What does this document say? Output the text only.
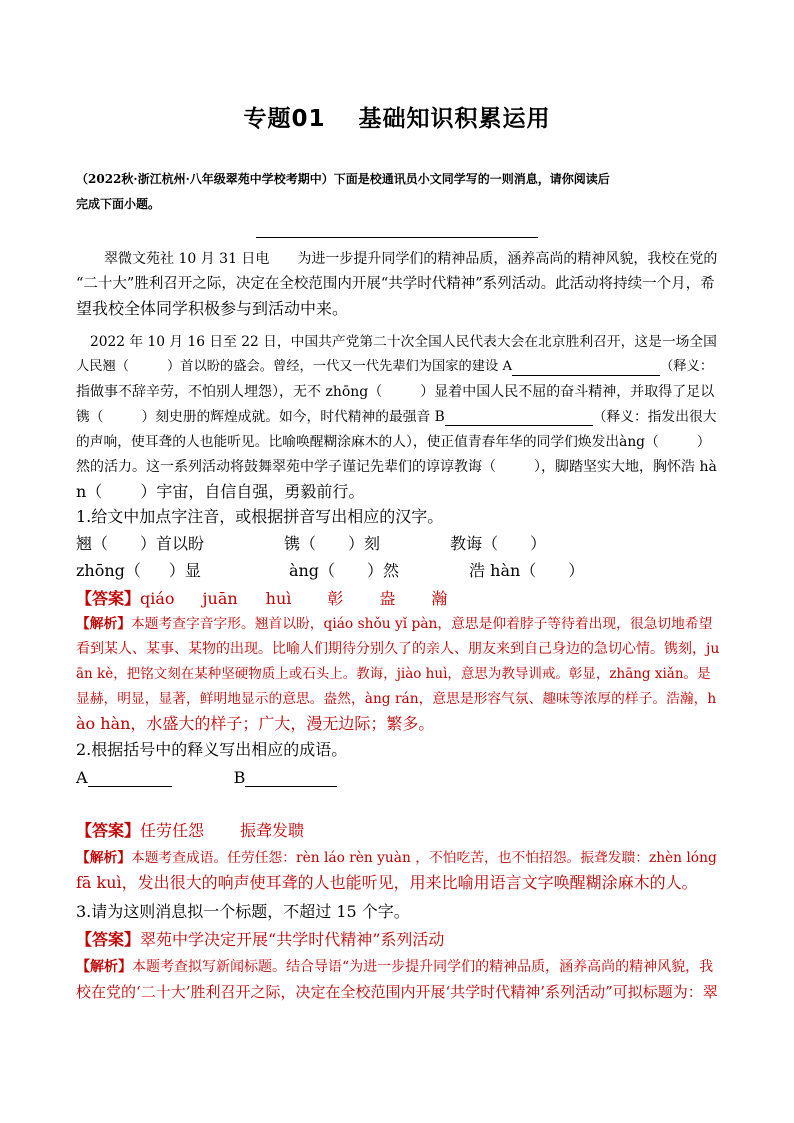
专题01　 基础知识积累运用
（2022秋·浙江杭州·八年级翠苑中学校考期中）下面是校通讯员小文同学写的一则消息，请你阅读后
完成下面小题。
翠微文苑社 10 月 31 日电 为进一步提升同学们的精神品质，涵养高尚的精神风貌，我校在党的
“二十大”胜利召开之际，决定在全校范围内开展“共学时代精神”系列活动。此活动将持续一个月，希
望我校全体同学积极参与到活动中来。
2022 年 10 月 16 日至 22 日，中国共产党第二十次全国人民代表大会在北京胜利召开，这是一场全国
人民翘（	）首以盼的盛会。曾经，一代又一代先辈们为国家的建设 A	（释义：
指做事不辞辛劳，不怕别人埋怨），无不 zhōng（	）显着中国人民不屈的奋斗精神，并取得了足以
镌（	）刻史册的辉煌成就。如今，时代精神的最强音 B	（释义：指发出很大
的声响，使耳聋的人也能听见。比喻唤醒糊涂麻木的人），使正值青春年华的同学们焕发出àng（	）
然的活力。这一系列活动将鼓舞翠苑中学子谨记先辈们的谆谆教诲（	），脚踏坚实大地，胸怀浩 hà
n（ ）宇宙，自信自强，勇毅前行。
1.给文中加点字注音，或根据拼音写出相应的汉字。
翘（ ）首以盼	镌（ ）刻	教诲（ ）
zhōng（ ）显	àng（ ）然	浩 hàn（ ）
【答案】qiáo juān huì 彰 盎 瀚
【解析】本题考查字音字形。翘首以盼，qiáo shǒu yǐ pàn，意思是仰着脖子等待着出现，很急切地希望
看到某人、某事、某物的出现。比喻人们期待分别久了的亲人、朋友来到自己身边的急切心情。镌刻，ju
ān kè，把铭文刻在某种坚硬物质上或石头上。教诲，jiào huì，意思为教导训戒。彰显，zhāng xiǎn。是
显赫，明显，显著，鲜明地显示的意思。盎然，àng rán，意思是形容气氛、趣味等浓厚的样子。浩瀚，h
ào hàn，水盛大的样子；广大，漫无边际；繁多。
2.根据括号中的释义写出相应的成语。
A	B
【答案】任劳任怨 振聋发聩
【解析】本题考查成语。任劳任怨：rèn láo rèn yuàn ，不怕吃苦，也不怕招怨。振聋发聩：zhèn lóng
fā kuì，发出很大的响声使耳聋的人也能听见，用来比喻用语言文字唤醒糊涂麻木的人。
3.请为这则消息拟一个标题，不超过 15 个字。
【答案】翠苑中学决定开展“共学时代精神”系列活动
【解析】本题考查拟写新闻标题。结合导语“为进一步提升同学们的精神品质，涵养高尚的精神风貌，我
校在党的‘二十大’胜利召开之际，决定在全校范围内开展‘共学时代精神’系列活动”可拟标题为：翠
